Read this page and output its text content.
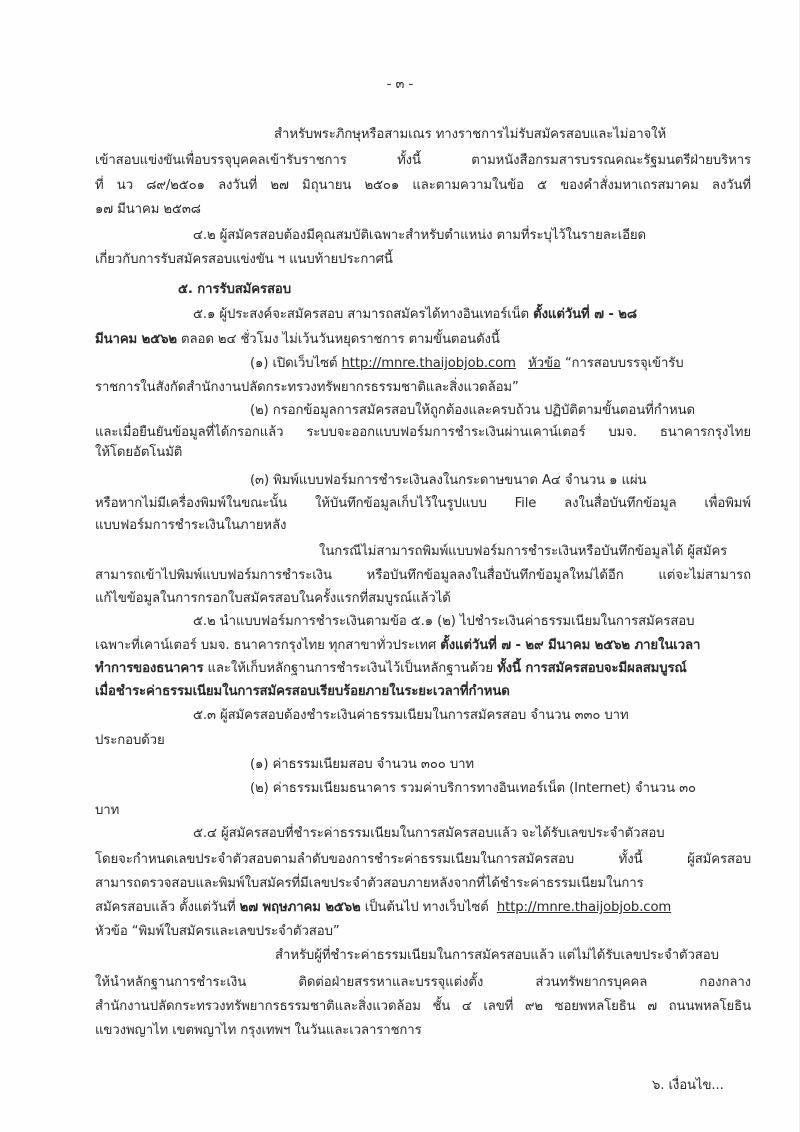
- ๓ -
สำหรับพระภิกษุหรือสามเณร ทางราชการไม่รับสมัครสอบและไม่อาจให้
เข้าสอบแข่งขันเพื่อบรรจุบุคคลเข้ารับราชการ ทั้งนี้ ตามหนังสือกรมสารบรรณคณะรัฐมนตรีฝ่ายบริหาร
ที่ นว ๘๙/๒๕๐๑ ลงวันที่ ๒๗ มิถุนายน ๒๕๐๑ และตามความในข้อ ๕ ของคำสั่งมหาเถรสมาคม ลงวันที่
๑๗ มีนาคม ๒๕๓๘
๔.๒ ผู้สมัครสอบต้องมีคุณสมบัติเฉพาะสำหรับตำแหน่ง ตามที่ระบุไว้ในรายละเอียด
เกี่ยวกับการรับสมัครสอบแข่งขัน ฯ แนบท้ายประกาศนี้
๕. การรับสมัครสอบ
๕.๑ ผู้ประสงค์จะสมัครสอบ สามารถสมัครได้ทางอินเทอร์เน็ต ตั้งแต่วันที่ ๗ - ๒๘
มีนาคม ๒๕๖๒ ตลอด ๒๔ ชั่วโมง ไม่เว้นวันหยุดราชการ ตามขั้นตอนดังนี้
(๑) เปิดเว็บไซต์ http://mnre.thaijobjob.com หัวข้อ “การสอบบรรจุเข้ารับ
ราชการในสังกัดสำนักงานปลัดกระทรวงทรัพยากรธรรมชาติและสิ่งแวดล้อม”
(๒) กรอกข้อมูลการสมัครสอบให้ถูกต้องและครบถ้วน ปฏิบัติตามขั้นตอนที่กำหนด
และเมื่อยืนยันข้อมูลที่ได้กรอกแล้ว ระบบจะออกแบบฟอร์มการชำระเงินผ่านเคาน์เตอร์ บมจ. ธนาคารกรุงไทย
ให้โดยอัตโนมัติ
(๓) พิมพ์แบบฟอร์มการชำระเงินลงในกระดาษขนาด A๔ จำนวน ๑ แผ่น
หรือหากไม่มีเครื่องพิมพ์ในขณะนั้น ให้บันทึกข้อมูลเก็บไว้ในรูปแบบ File ลงในสื่อบันทึกข้อมูล เพื่อพิมพ์
แบบฟอร์มการชำระเงินในภายหลัง
ในกรณีไม่สามารถพิมพ์แบบฟอร์มการชำระเงินหรือบันทึกข้อมูลได้ ผู้สมัคร
สามารถเข้าไปพิมพ์แบบฟอร์มการชำระเงิน หรือบันทึกข้อมูลลงในสื่อบันทึกข้อมูลใหม่ได้อีก แต่จะไม่สามารถ
แก้ไขข้อมูลในการกรอกใบสมัครสอบในครั้งแรกที่สมบูรณ์แล้วได้
๕.๒ นำแบบฟอร์มการชำระเงินตามข้อ ๕.๑ (๒) ไปชำระเงินค่าธรรมเนียมในการสมัครสอบ
เฉพาะที่เคาน์เตอร์ บมจ. ธนาคารกรุงไทย ทุกสาขาทั่วประเทศ ตั้งแต่วันที่ ๗ - ๒๙ มีนาคม ๒๕๖๒ ภายในเวลา
ทำการของธนาคาร และให้เก็บหลักฐานการชำระเงินไว้เป็นหลักฐานด้วย ทั้งนี้ การสมัครสอบจะมีผลสมบูรณ์
เมื่อชำระค่าธรรมเนียมในการสมัครสอบเรียบร้อยภายในระยะเวลาที่กำหนด
๕.๓ ผู้สมัครสอบต้องชำระเงินค่าธรรมเนียมในการสมัครสอบ จำนวน ๓๓๐ บาท
ประกอบด้วย
(๑) ค่าธรรมเนียมสอบ จำนวน ๓๐๐ บาท
(๒) ค่าธรรมเนียมธนาคาร รวมค่าบริการทางอินเทอร์เน็ต (Internet) จำนวน ๓๐
บาท
๕.๔ ผู้สมัครสอบที่ชำระค่าธรรมเนียมในการสมัครสอบแล้ว จะได้รับเลขประจำตัวสอบ
โดยจะกำหนดเลขประจำตัวสอบตามลำดับของการชำระค่าธรรมเนียมในการสมัครสอบ ทั้งนี้ ผู้สมัครสอบ
สามารถตรวจสอบและพิมพ์ใบสมัครที่มีเลขประจำตัวสอบภายหลังจากที่ได้ชำระค่าธรรมเนียมในการ
สมัครสอบแล้ว ตั้งแต่วันที่ ๒๗ พฤษภาคม ๒๕๖๒ เป็นต้นไป ทางเว็บไซต์  http://mnre.thaijobjob.com
หัวข้อ “พิมพ์ใบสมัครและเลขประจำตัวสอบ”
สำหรับผู้ที่ชำระค่าธรรมเนียมในการสมัครสอบแล้ว แต่ไม่ได้รับเลขประจำตัวสอบ
ให้นำหลักฐานการชำระเงิน ติดต่อฝ่ายสรรหาและบรรจุแต่งตั้ง ส่วนทรัพยากรบุคคล กองกลาง
สำนักงานปลัดกระทรวงทรัพยากรธรรมชาติและสิ่งแวดล้อม ชั้น ๔ เลขที่ ๙๒ ซอยพหลโยธิน ๗ ถนนพหลโยธิน
แขวงพญาไท เขตพญาไท กรุงเทพฯ ในวันและเวลาราชการ
๖. เงื่อนไข...
